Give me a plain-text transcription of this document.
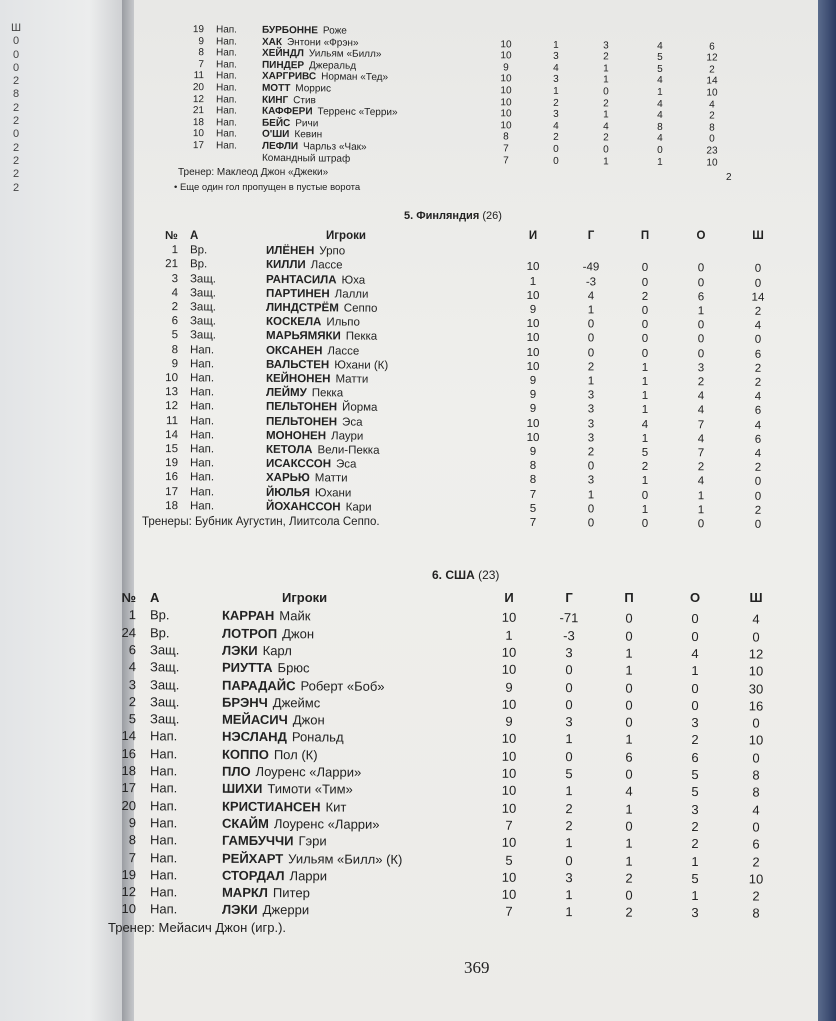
Ш
0
0
0
2
8
2
2
0
2
2
2
2
19 Нап. БУРБОННЕ Роже
9 Нап. ХАК Энтони «Фрэн»	10	1	3	4	6
8 Нап. ХЕЙНДЛ Уильям «Билл»	10	3	2	5	12
7 Нап. ПИНДЕР Джеральд	9	4	1	5	2
11 Нап. ХАРГРИВС Норман «Тед»	10	3	1	4	14
20 Нап. МОТТ Моррис	10	1	0	1	10
12 Нап. КИНГ Стив	10	2	2	4	4
21 Нап. КАФФЕРИ Терренс «Терри»	10	3	1	4	2
18 Нап. БЕЙС Ричи	10	4	4	8	8
10 Нап. О'ШИ Кевин	8	2	2	4	0
17 Нап. ЛЕФЛИ Чарльз «Чак»	7	0	0	0	23
Командный штраф	7	0	1	1	10
Тренер: Маклеод Джон «Джеки»	2
• Еще один гол пропущен в пустые ворота
5. Финляндия (26)
№ А	Игроки	И	Г	П	О	Ш
1 Вр.	ИЛЁНЕН Урпо
21 Вр.	КИЛЛИ Лассе	10	-49	0	0	0
3 Защ.	РАНТАСИЛА Юха	1	-3	0	0	0
4 Защ.	ПАРТИНЕН Лалли	10	4	2	6	14
2 Защ.	ЛИНДСТРЁМ Сеппо	9	1	0	1	2
6 Защ.	КОСКЕЛА Ильпо	10	0	0	0	4
5 Защ.	МАРЬЯМЯКИ Пекка	10	0	0	0	0
8 Нап.	ОКСАНЕН Лассе	10	0	0	0	6
9 Нап.	ВАЛЬСТЕН Юхани (К)	10	2	1	3	2
10 Нап.	КЕЙНОНЕН Матти	9	1	1	2	2
13 Нап.	ЛЕЙМУ Пекка	9	3	1	4	4
12 Нап.	ПЕЛЬТОНЕН Йорма	9	3	1	4	6
11 Нап.	ПЕЛЬТОНЕН Эса	10	3	4	7	4
14 Нап.	МОНОНЕН Лаури	10	3	1	4	6
15 Нап.	КЕТОЛА Вели-Пекка	9	2	5	7	4
19 Нап.	ИСАКССОН Эса	8	0	2	2	2
16 Нап.	ХАРЬЮ Матти	8	3	1	4	0
17 Нап.	ЙЮЛЬЯ Юхани	7	1	0	1	0
18 Нап.	ЙОХАНССОН Кари	5	0	1	1	2
7	0	0	0	0
Тренеры: Бубник Аугустин, Лиитсола Сеппо.
6. США (23)
№ А	Игроки	И	Г	П	О	Ш
1 Вр.	КАРРАН Майк	10	-71	0	0	4
24 Вр.	ЛОТРОП Джон	1	-3	0	0	0
6 Защ.	ЛЭКИ Карл	10	3	1	4	12
4 Защ.	РИУТТА Брюс	10	0	1	1	10
3 Защ.	ПАРАДАЙС Роберт «Боб»	9	0	0	0	30
2 Защ.	БРЭНЧ Джеймс	10	0	0	0	16
5 Защ.	МЕЙАСИЧ Джон	9	3	0	3	0
14 Нап.	НЭСЛАНД Рональд	10	1	1	2	10
16 Нап.	КОППО Пол (К)	10	0	6	6	0
18 Нап.	ПЛО Лоуренс «Ларри»	10	5	0	5	8
17 Нап.	ШИХИ Тимоти «Тим»	10	1	4	5	8
20 Нап.	КРИСТИАНСЕН Кит	10	2	1	3	4
9 Нап.	СКАЙМ Лоуренс «Ларри»	7	2	0	2	0
8 Нап.	ГАМБУЧЧИ Гэри	10	1	1	2	6
7 Нап.	РЕЙХАРТ Уильям «Билл» (К)	5	0	1	1	2
19 Нап.	СТОРДАЛ Ларри	10	3	2	5	10
12 Нап.	МАРКЛ Питер	10	1	0	1	2
10 Нап.	ЛЭКИ Джерри	7	1	2	3	8
Тренер: Мейасич Джон (игр.).
369
